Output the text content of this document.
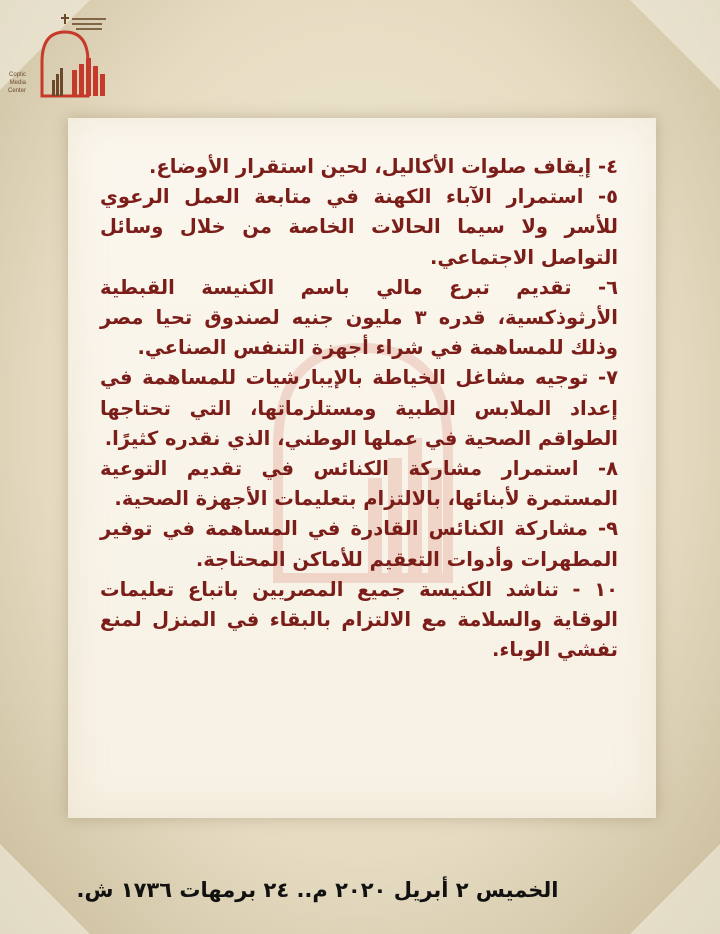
Coptic
Media
Center

٤- إيقاف صلوات الأكاليل، لحين استقرار الأوضاع.

٥- استمرار الآباء الكهنة في متابعة العمل الرعوي للأسر ولا سيما الحالات الخاصة من خلال وسائل التواصل الاجتماعي.

٦- تقديم تبرع مالي باسم الكنيسة القبطية الأرثوذكسية، قدره ٣ مليون جنيه لصندوق تحيا مصر وذلك للمساهمة في شراء أجهزة التنفس الصناعي.

٧- توجيه مشاغل الخياطة بالإيبارشيات للمساهمة في إعداد الملابس الطبية ومستلزماتها، التي تحتاجها الطواقم الصحية في عملها الوطني، الذي نقدره كثيرًا.

٨- استمرار مشاركة الكنائس في تقديم التوعية المستمرة لأبنائها، بالالتزام بتعليمات الأجهزة الصحية.

٩- مشاركة الكنائس القادرة في المساهمة في توفير المطهرات وأدوات التعقيم للأماكن المحتاجة.

١٠ - تناشد الكنيسة جميع المصريين باتباع تعليمات الوقاية والسلامة مع الالتزام بالبقاء في المنزل لمنع تفشي الوباء.

الخميس ٢ أبريل ٢٠٢٠ م.. ٢٤ برمهات ١٧٣٦ ش.
